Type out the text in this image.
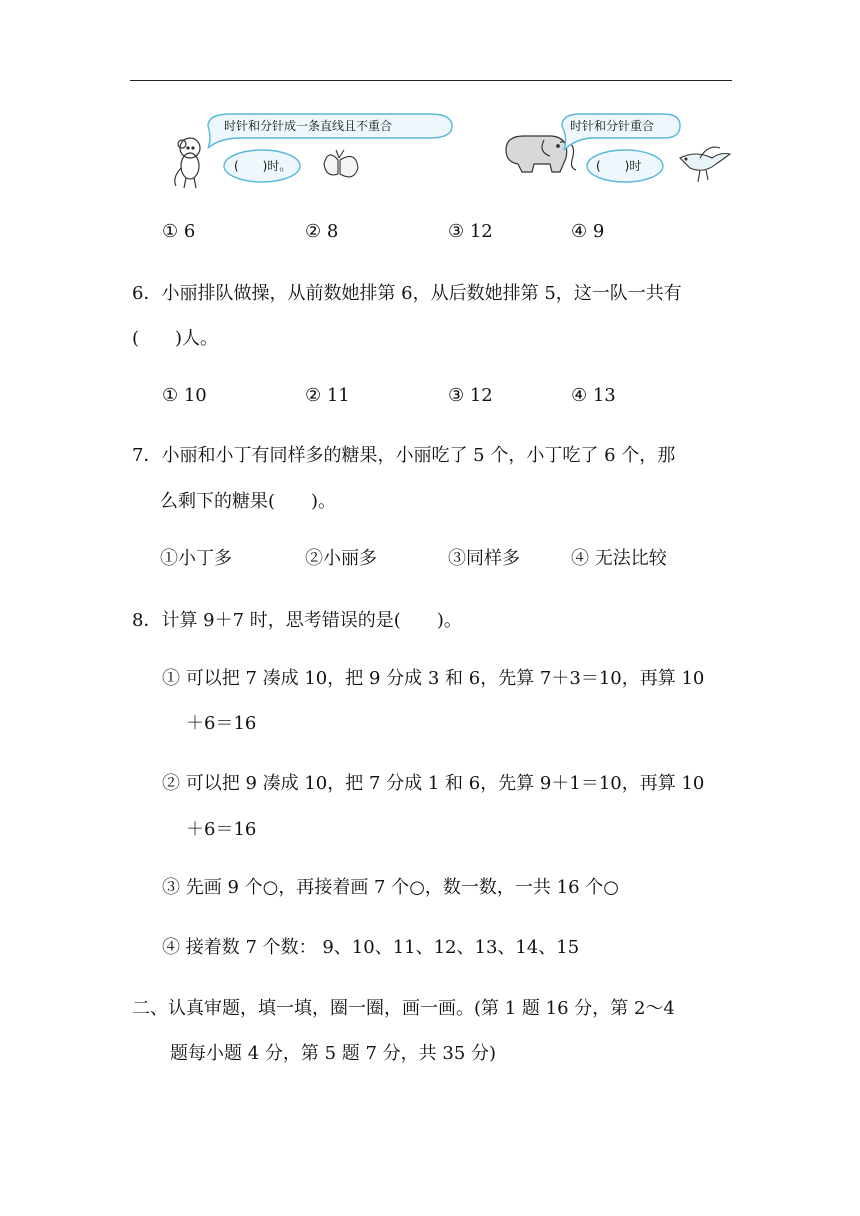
时针和分针成一条直线且不重合
(　　)时。
时针和分针重合
(　　)时
① 6	② 8	③ 12	④ 9
6．小丽排队做操，从前数她排第 6，从后数她排第 5，这一队一共有
(　　)人。
① 10	② 11	③ 12	④ 13
7．小丽和小丁有同样多的糖果，小丽吃了 5 个，小丁吃了 6 个，那
么剩下的糖果(　　)。
①小丁多	②小丽多	③同样多	④ 无法比较
8．计算 9＋7 时，思考错误的是(　　)。
① 可以把 7 凑成 10，把 9 分成 3 和 6，先算 7＋3＝10，再算 10
＋6＝16
② 可以把 9 凑成 10，把 7 分成 1 和 6，先算 9＋1＝10，再算 10
＋6＝16
③ 先画 9 个○，再接着画 7 个○，数一数，一共 16 个○
④ 接着数 7 个数： 9、10、11、12、13、14、15
二、认真审题，填一填，圈一圈，画一画。(第 1 题 16 分，第 2～4
题每小题 4 分，第 5 题 7 分，共 35 分)
